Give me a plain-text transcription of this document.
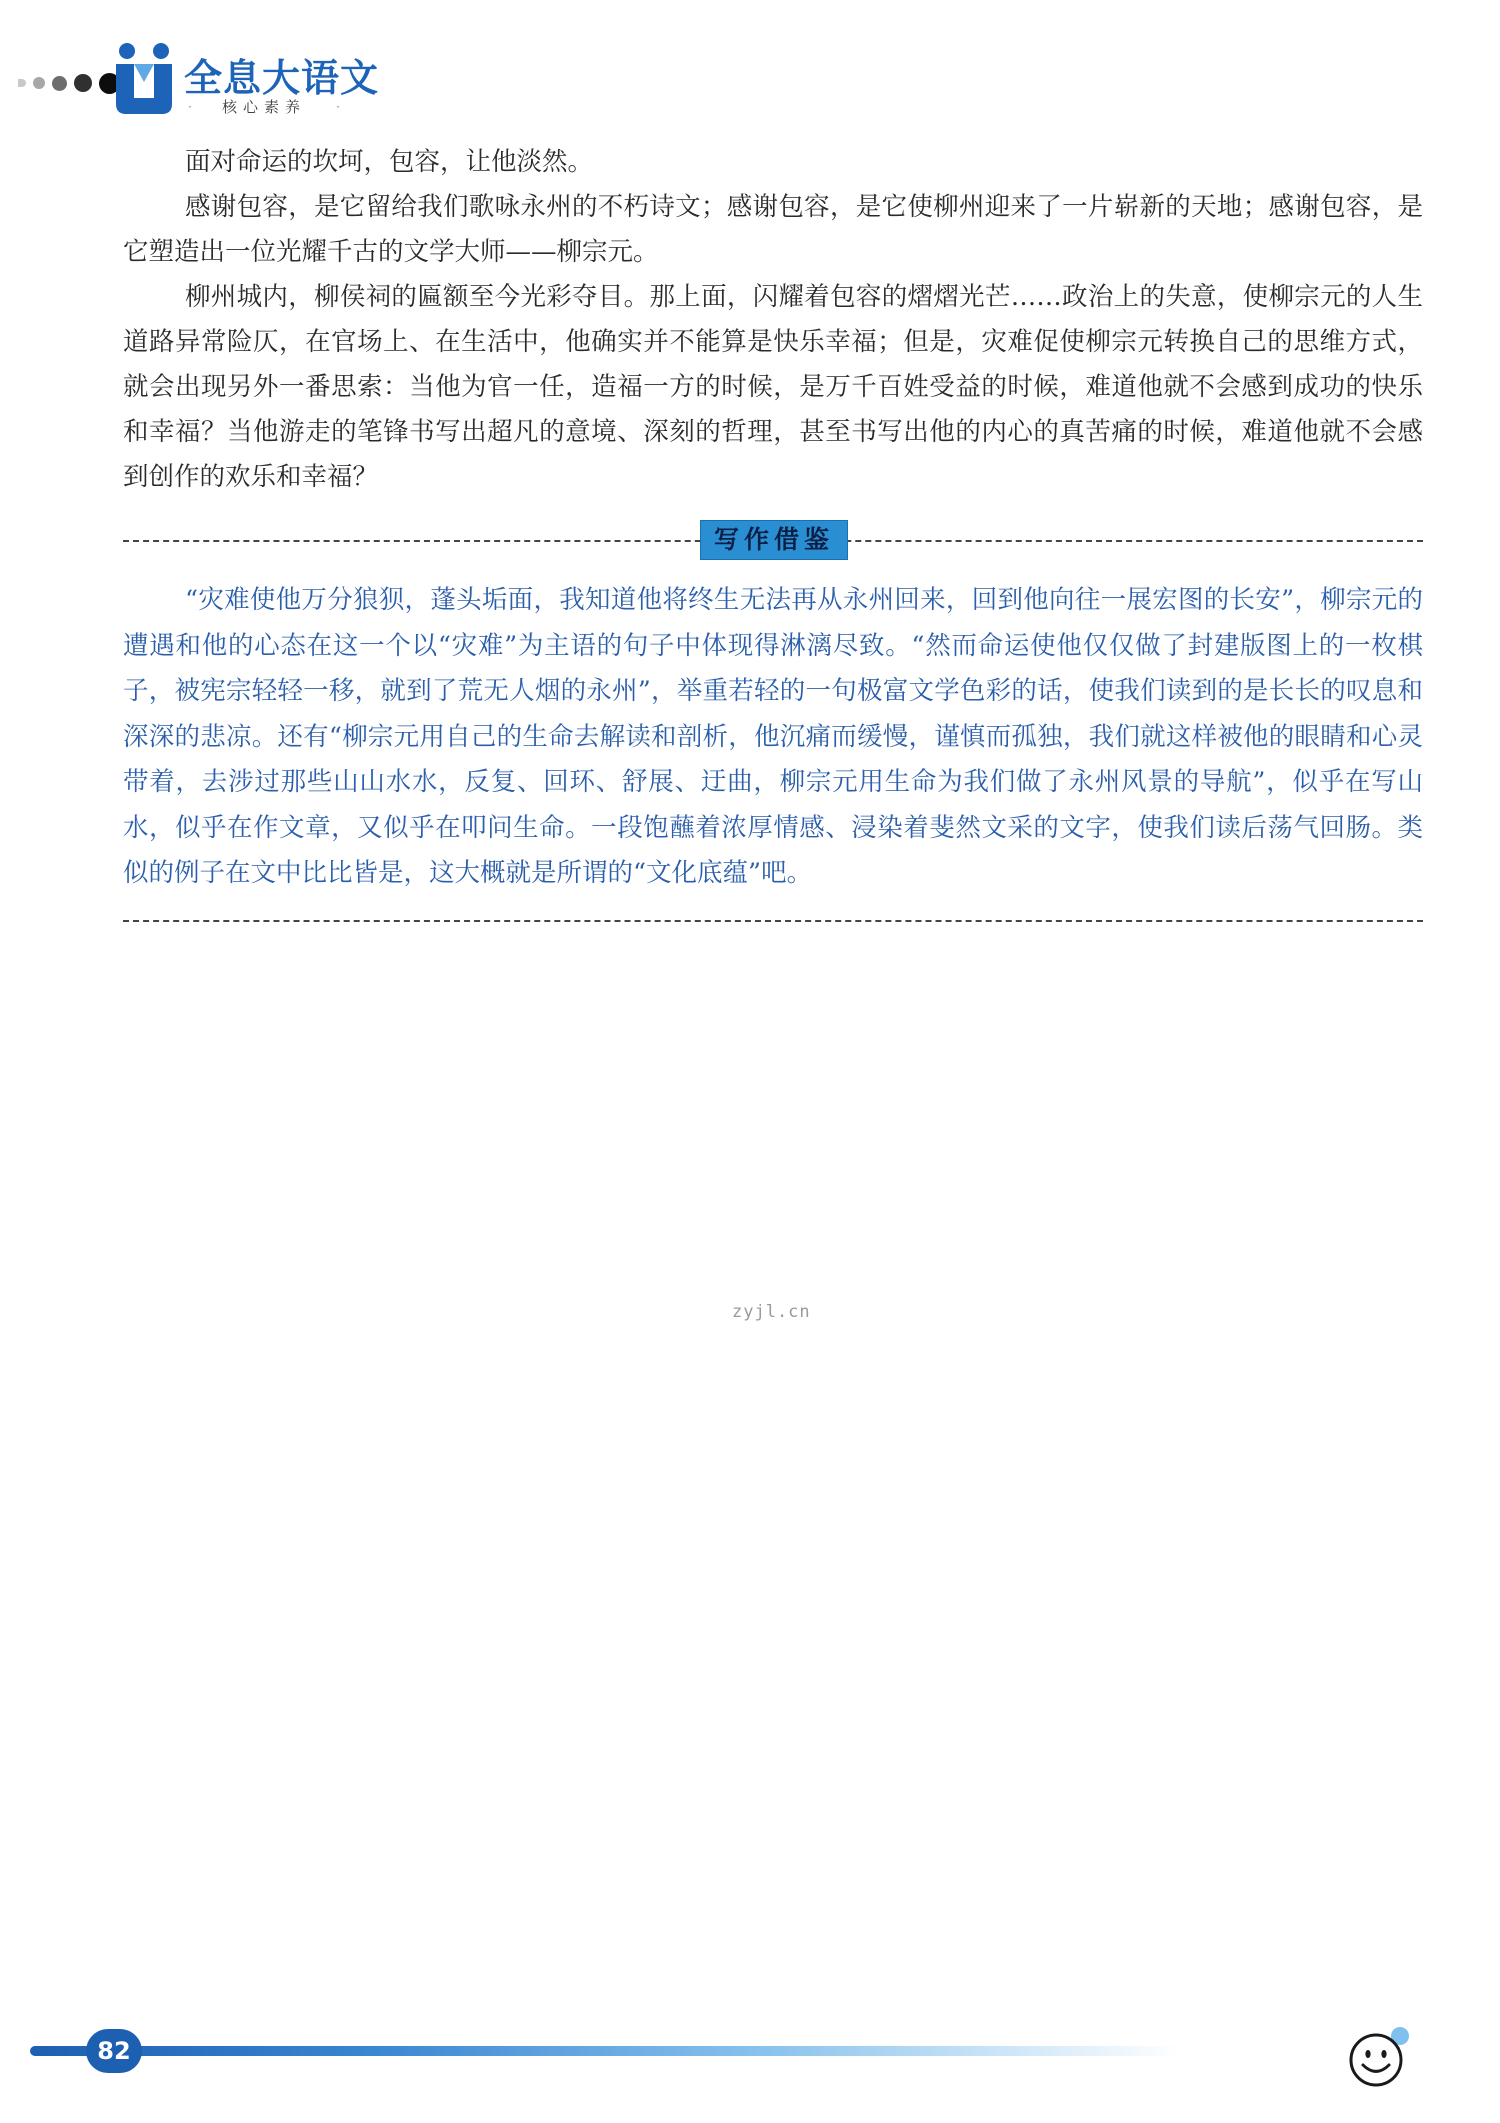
全息大语文
· 核心素养	·

面对命运的坎坷，包容，让他淡然。

感谢包容，是它留给我们歌咏永州的不朽诗文；感谢包容，是它使柳州迎来了一片崭新的天地；感谢包容，是它塑造出一位光耀千古的文学大师——柳宗元。

柳州城内，柳侯祠的匾额至今光彩夺目。那上面，闪耀着包容的熠熠光芒……政治上的失意，使柳宗元的人生道路异常险仄，在官场上、在生活中，他确实并不能算是快乐幸福；但是，灾难促使柳宗元转换自己的思维方式，就会出现另外一番思索：当他为官一任，造福一方的时候，是万千百姓受益的时候，难道他就不会感到成功的快乐和幸福？当他游走的笔锋书写出超凡的意境、深刻的哲理，甚至书写出他的内心的真苦痛的时候，难道他就不会感到创作的欢乐和幸福？

写作借鉴

“灾难使他万分狼狈，蓬头垢面，我知道他将终生无法再从永州回来，回到他向往一展宏图的长安”，柳宗元的遭遇和他的心态在这一个以“灾难”为主语的句子中体现得淋漓尽致。“然而命运使他仅仅做了封建版图上的一枚棋子，被宪宗轻轻一移，就到了荒无人烟的永州”，举重若轻的一句极富文学色彩的话，使我们读到的是长长的叹息和深深的悲凉。还有“柳宗元用自己的生命去解读和剖析，他沉痛而缓慢，谨慎而孤独，我们就这样被他的眼睛和心灵带着，去涉过那些山山水水，反复、回环、舒展、迂曲，柳宗元用生命为我们做了永州风景的导航”，似乎在写山水，似乎在作文章，又似乎在叩问生命。一段饱蘸着浓厚情感、浸染着斐然文采的文字，使我们读后荡气回肠。类似的例子在文中比比皆是，这大概就是所谓的“文化底蕴”吧。

zyjl.cn
82
